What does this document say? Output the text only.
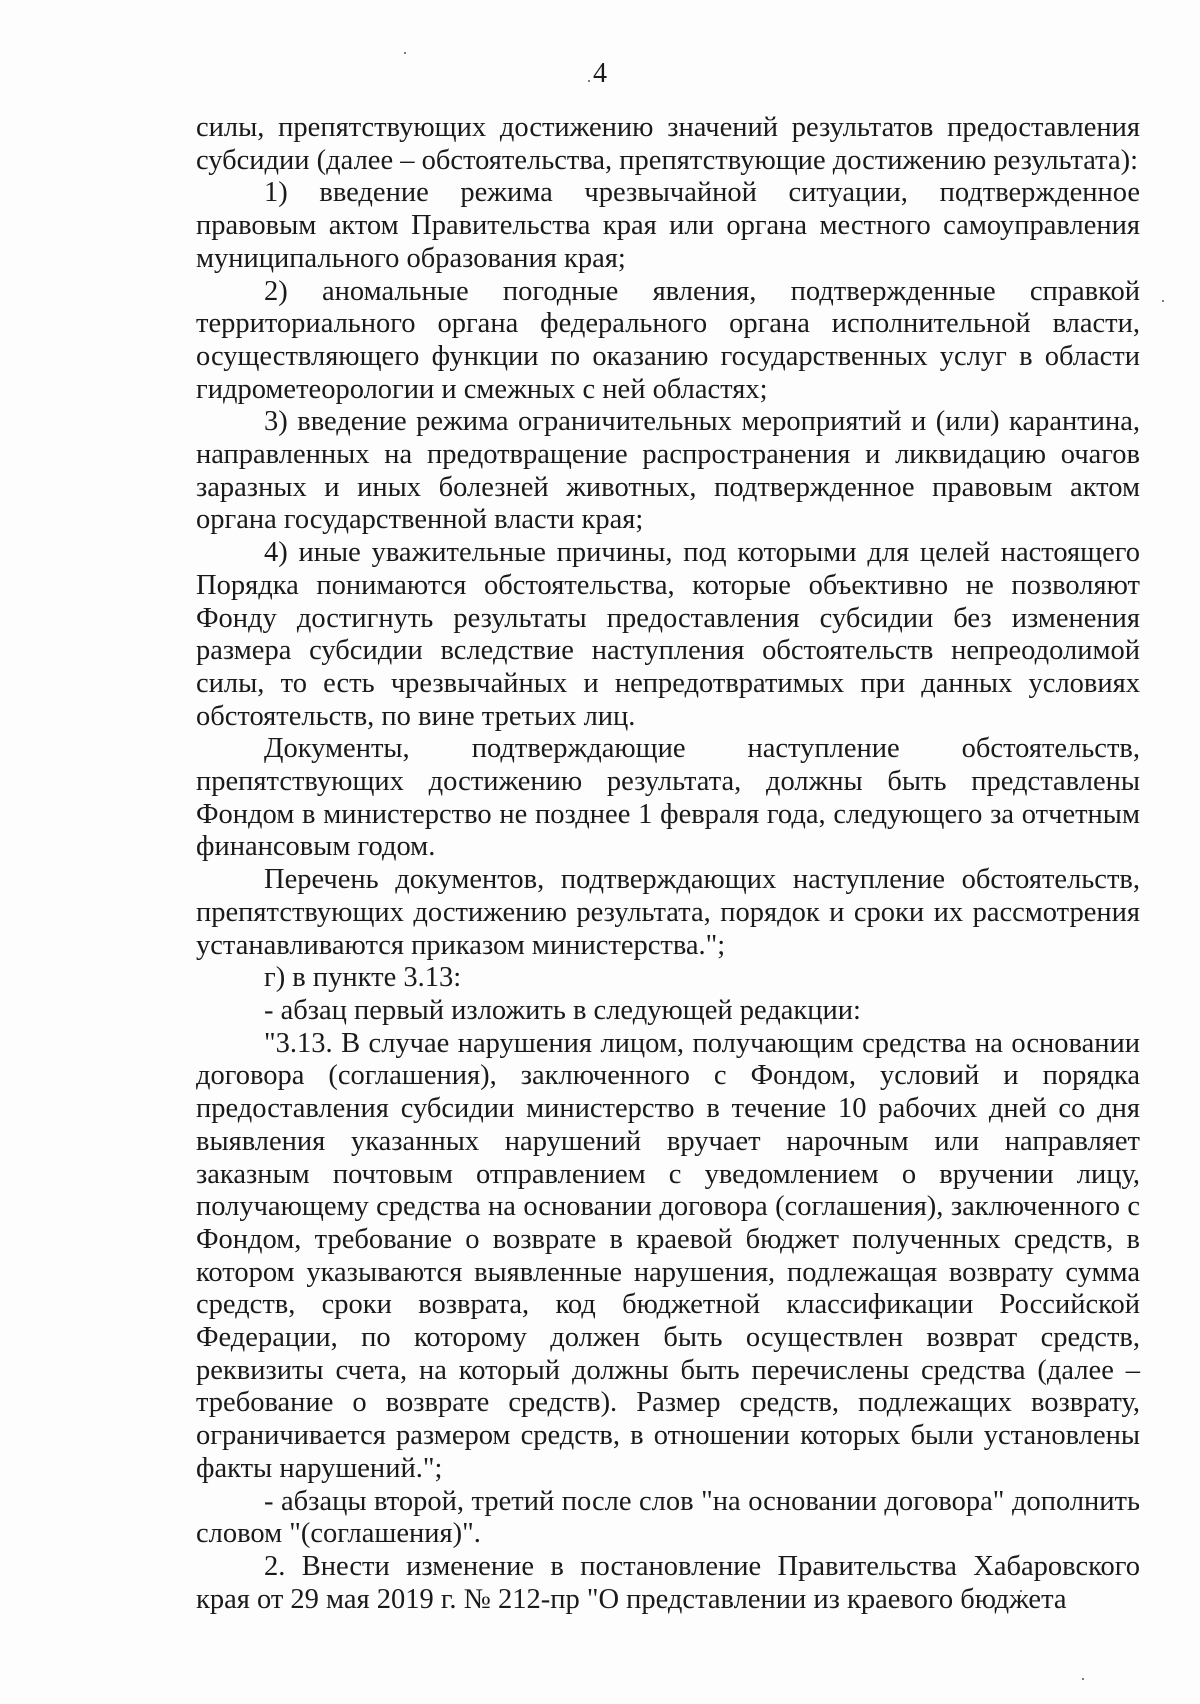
4

силы, препятствующих достижению значений результатов предоставления субсидии (далее – обстоятельства, препятствующие достижению результата):

1) введение режима чрезвычайной ситуации, подтвержденное правовым актом Правительства края или органа местного самоуправления муниципального образования края;

2) аномальные погодные явления, подтвержденные справкой территориального органа федерального органа исполнительной власти, осуществляющего функции по оказанию государственных услуг в области гидрометеорологии и смежных с ней областях;

3) введение режима ограничительных мероприятий и (или) карантина, направленных на предотвращение распространения и ликвидацию очагов заразных и иных болезней животных, подтвержденное правовым актом органа государственной власти края;

4) иные уважительные причины, под которыми для целей настоящего Порядка понимаются обстоятельства, которые объективно не позволяют Фонду достигнуть результаты предоставления субсидии без изменения размера субсидии вследствие наступления обстоятельств непреодолимой силы, то есть чрезвычайных и непредотвратимых при данных условиях обстоятельств, по вине третьих лиц.

Документы, подтверждающие наступление обстоятельств, препятствующих достижению результата, должны быть представлены Фондом в министерство не позднее 1 февраля года, следующего за отчетным финансовым годом.

Перечень документов, подтверждающих наступление обстоятельств, препятствующих достижению результата, порядок и сроки их рассмотрения устанавливаются приказом министерства.";

г) в пункте 3.13:

- абзац первый изложить в следующей редакции:

"3.13. В случае нарушения лицом, получающим средства на основании договора (соглашения), заключенного с Фондом, условий и порядка предоставления субсидии министерство в течение 10 рабочих дней со дня выявления указанных нарушений вручает нарочным или направляет заказным почтовым отправлением с уведомлением о вручении лицу, получающему средства на основании договора (соглашения), заключенного с Фондом, требование о возврате в краевой бюджет полученных средств, в котором указываются выявленные нарушения, подлежащая возврату сумма средств, сроки возврата, код бюджетной классификации Российской Федерации, по которому должен быть осуществлен возврат средств, реквизиты счета, на который должны быть перечислены средства (далее – требование о возврате средств). Размер средств, подлежащих возврату, ограничивается размером средств, в отношении которых были установлены факты нарушений.";

- абзацы второй, третий после слов "на основании договора" дополнить словом "(соглашения)".

2. Внести изменение в постановление Правительства Хабаровского края от 29 мая 2019 г. № 212-пр "О представлении из краевого бюджета
